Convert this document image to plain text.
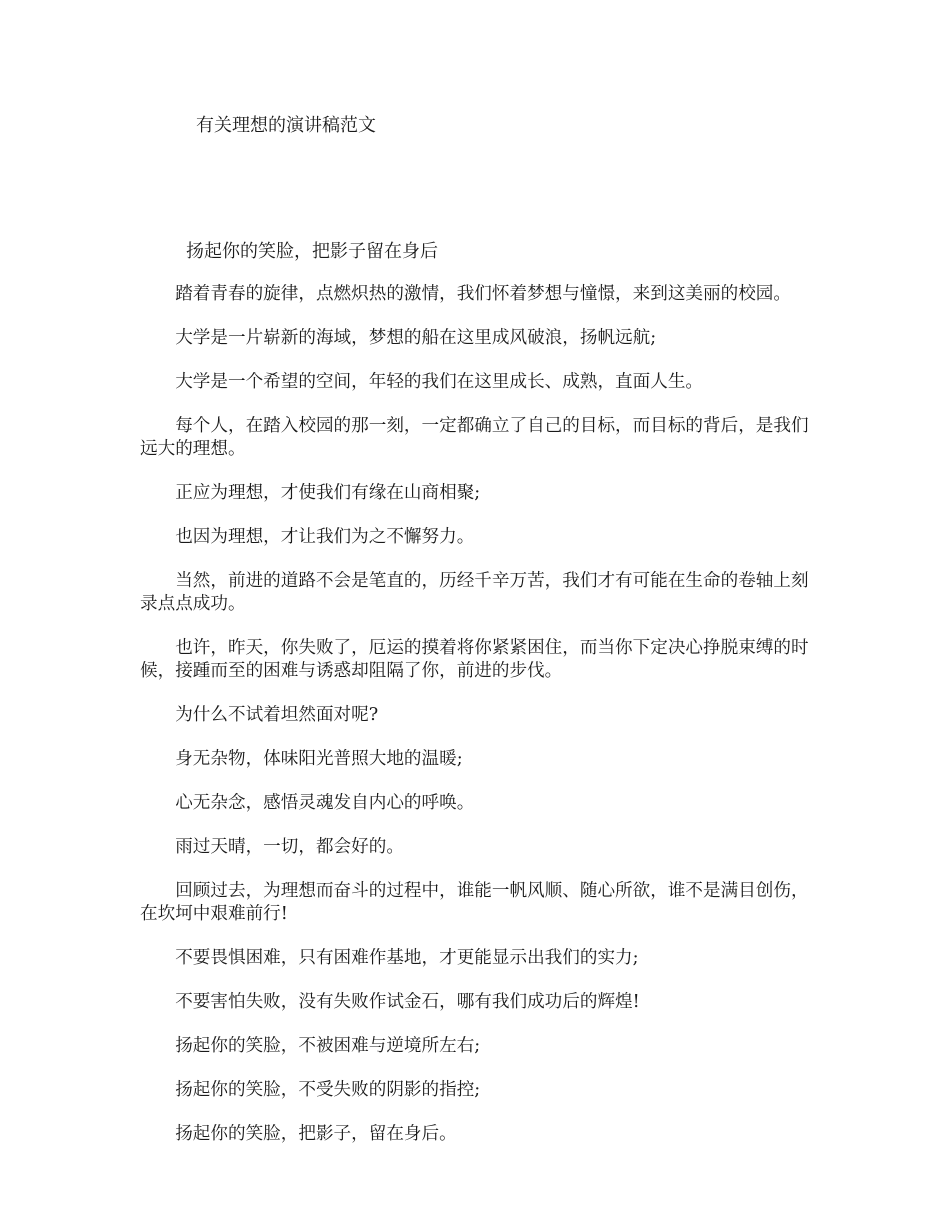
有关理想的演讲稿范文
扬起你的笑脸，把影子留在身后

踏着青春的旋律，点燃炽热的激情，我们怀着梦想与憧憬，来到这美丽的校园。

大学是一片崭新的海域，梦想的船在这里成风破浪，扬帆远航;

大学是一个希望的空间，年轻的我们在这里成长、成熟，直面人生。

每个人，在踏入校园的那一刻，一定都确立了自己的目标，而目标的背后，是我们远大的理想。

正应为理想，才使我们有缘在山商相聚;

也因为理想，才让我们为之不懈努力。

当然，前进的道路不会是笔直的，历经千辛万苦，我们才有可能在生命的卷轴上刻录点点成功。

也许，昨天，你失败了，厄运的摸着将你紧紧困住，而当你下定决心挣脱束缚的时候，接踵而至的困难与诱惑却阻隔了你，前进的步伐。

为什么不试着坦然面对呢?

身无杂物，体味阳光普照大地的温暖;

心无杂念，感悟灵魂发自内心的呼唤。

雨过天晴，一切，都会好的。

回顾过去，为理想而奋斗的过程中，谁能一帆风顺、随心所欲，谁不是满目创伤，在坎坷中艰难前行!

不要畏惧困难，只有困难作基地，才更能显示出我们的实力;

不要害怕失败，没有失败作试金石，哪有我们成功后的辉煌!

扬起你的笑脸，不被困难与逆境所左右;

扬起你的笑脸，不受失败的阴影的指控;

扬起你的笑脸，把影子，留在身后。
